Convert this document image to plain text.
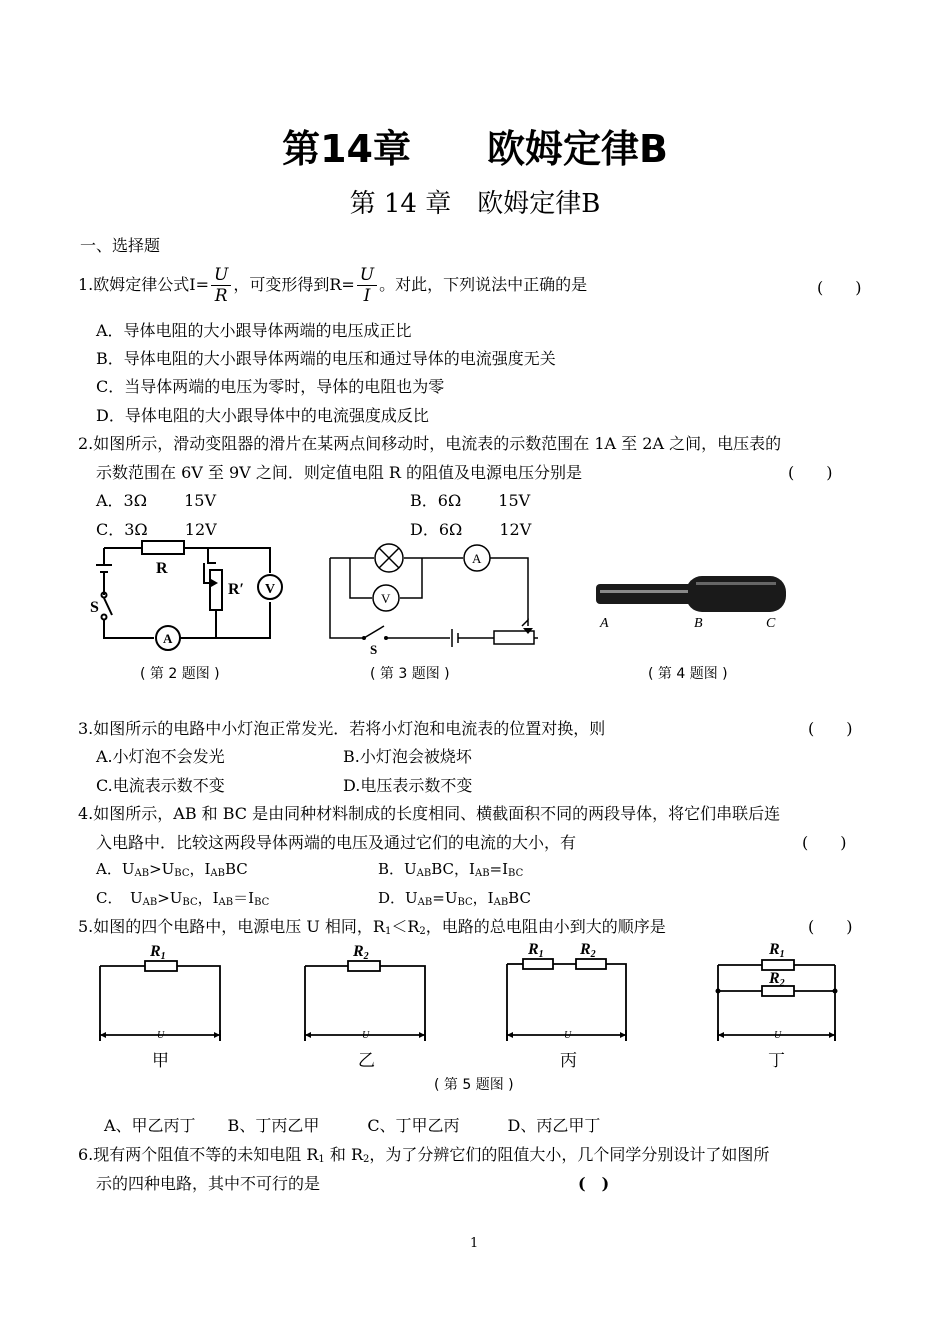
第14章　　欧姆定律B
第 14 章　欧姆定律B
一、选择题
1.欧姆定律公式$I= \frac{U}{R}$ ，可变形得到$R= \frac{U}{I}$ 。对此，下列说法中正确的是	(　　)
A．导体电阻的大小跟导体两端的电压成正比
B．导体电阻的大小跟导体两端的电压和通过导体的电流强度无关
C．当导体两端的电压为零时，导体的电阻也为零
D．导体电阻的大小跟导体中的电流强度成反比
2.如图所示，滑动变阻器的滑片在某两点间移动时，电流表的示数范围在 1A 至 2A 之间，电压表的
示数范围在 6V 至 9V 之间．则定值电阻 R 的阻值及电源电压分别是	(　　)
A．3Ω　　 15V	B．6Ω　　 15V
C．3Ω　　 12V	D．6Ω　　 12V
R
R′ V
A
S
( 第 2 题图 )
A
V
S
( 第 3 题图 )
A	B	C
( 第 4 题图 )
3.如图所示的电路中小灯泡正常发光．若将小灯泡和电流表的位置对换，则	(　　)
A.小灯泡不会发光	B.小灯泡会被烧坏
C.电流表示数不变	D.电压表示数不变
4.如图所示，AB 和 BC 是由同种材料制成的长度相同、横截面积不同的两段导体，将它们串联后连
入电路中．比较这两段导体两端的电压及通过它们的电流的大小，有	(　　)
A．$U_{AB}>U_{BC}$，$I_{AB}BC$	B．$U_{AB}BC$，$I_{AB}=I_{BC}$
C．　$U_{AB}>U_{BC}$，$I_{AB}=I_{BC}$	D．$U_{AB}=U_{BC}$，$I_{AB}BC$
5.如图的四个电路中，电源电压 U 相同，$R_1<R_2$，电路的总电阻由小到大的顺序是	(　　)
R1	R2	R1 R2	R1
R2
U	U	U	U
甲	乙	丙	丁
( 第 5 题图 )
A、甲乙丙丁　　B、丁丙乙甲　　　C、丁甲乙丙　　　D、丙乙甲丁
6.现有两个阻值不等的未知电阻 $R_1$ 和 $R_2$，为了分辨它们的阻值大小，几个同学分别设计了如图所
示的四种电路，其中不可行的是	(　)
1
